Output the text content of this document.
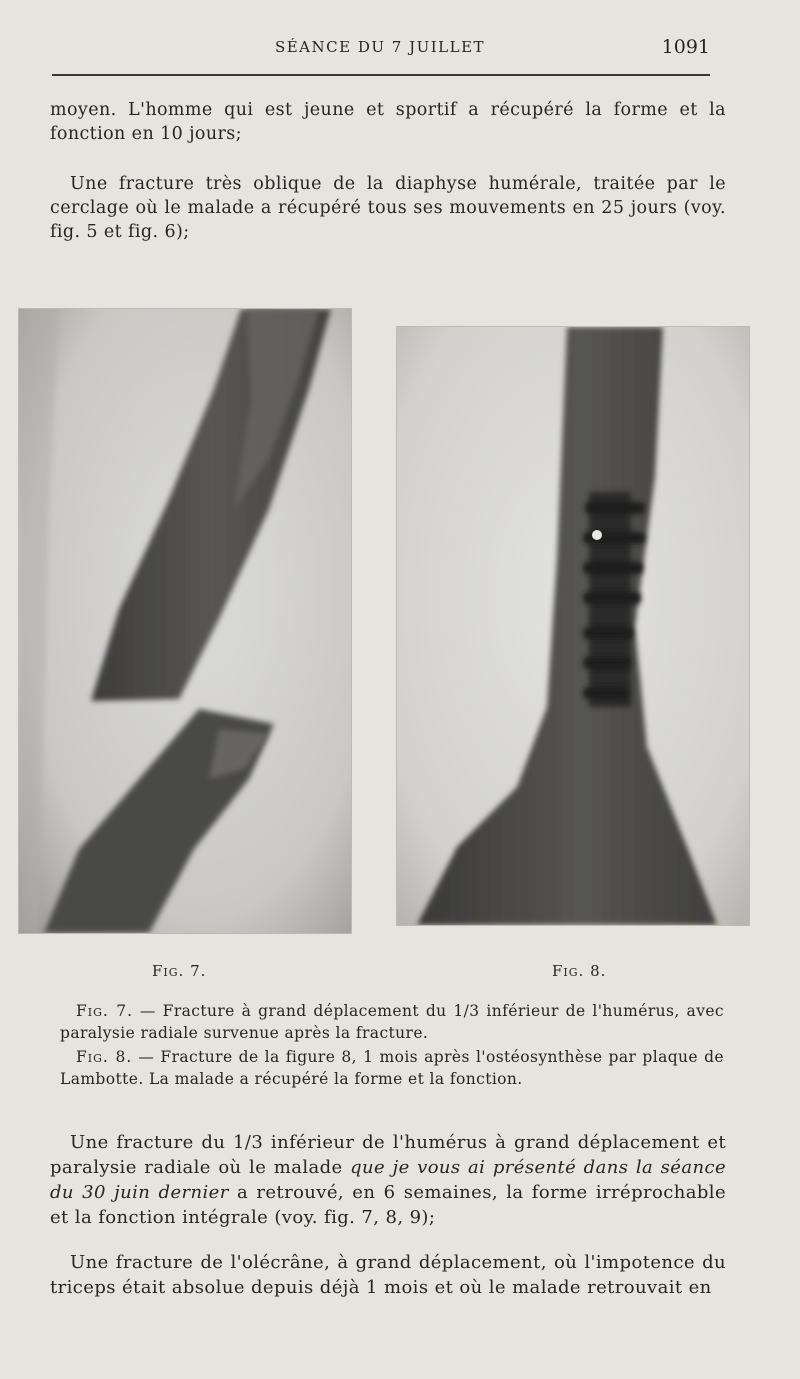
SÉANCE DU 7 JUILLET	1091

moyen. L'homme qui est jeune et sportif a récupéré la forme et la fonction en 10 jours;

Une fracture très oblique de la diaphyse humérale, traitée par le cerclage où le malade a récupéré tous ses mouvements en 25 jours (voy. fig. 5 et fig. 6);

Fig. 7.	Fig. 8.

Fig. 7. — Fracture à grand déplacement du 1/3 inférieur de l'humérus, avec paralysie radiale survenue après la fracture.

Fig. 8. — Fracture de la figure 8, 1 mois après l'ostéosynthèse par plaque de Lambotte. La malade a récupéré la forme et la fonction.

Une fracture du 1/3 inférieur de l'humérus à grand déplacement et paralysie radiale où le malade que je vous ai présenté dans la séance du 30 juin dernier a retrouvé, en 6 semaines, la forme irréprochable et la fonction intégrale (voy. fig. 7, 8, 9);

Une fracture de l'olécrâne, à grand déplacement, où l'impotence du triceps était absolue depuis déjà 1 mois et où le malade retrouvait en
